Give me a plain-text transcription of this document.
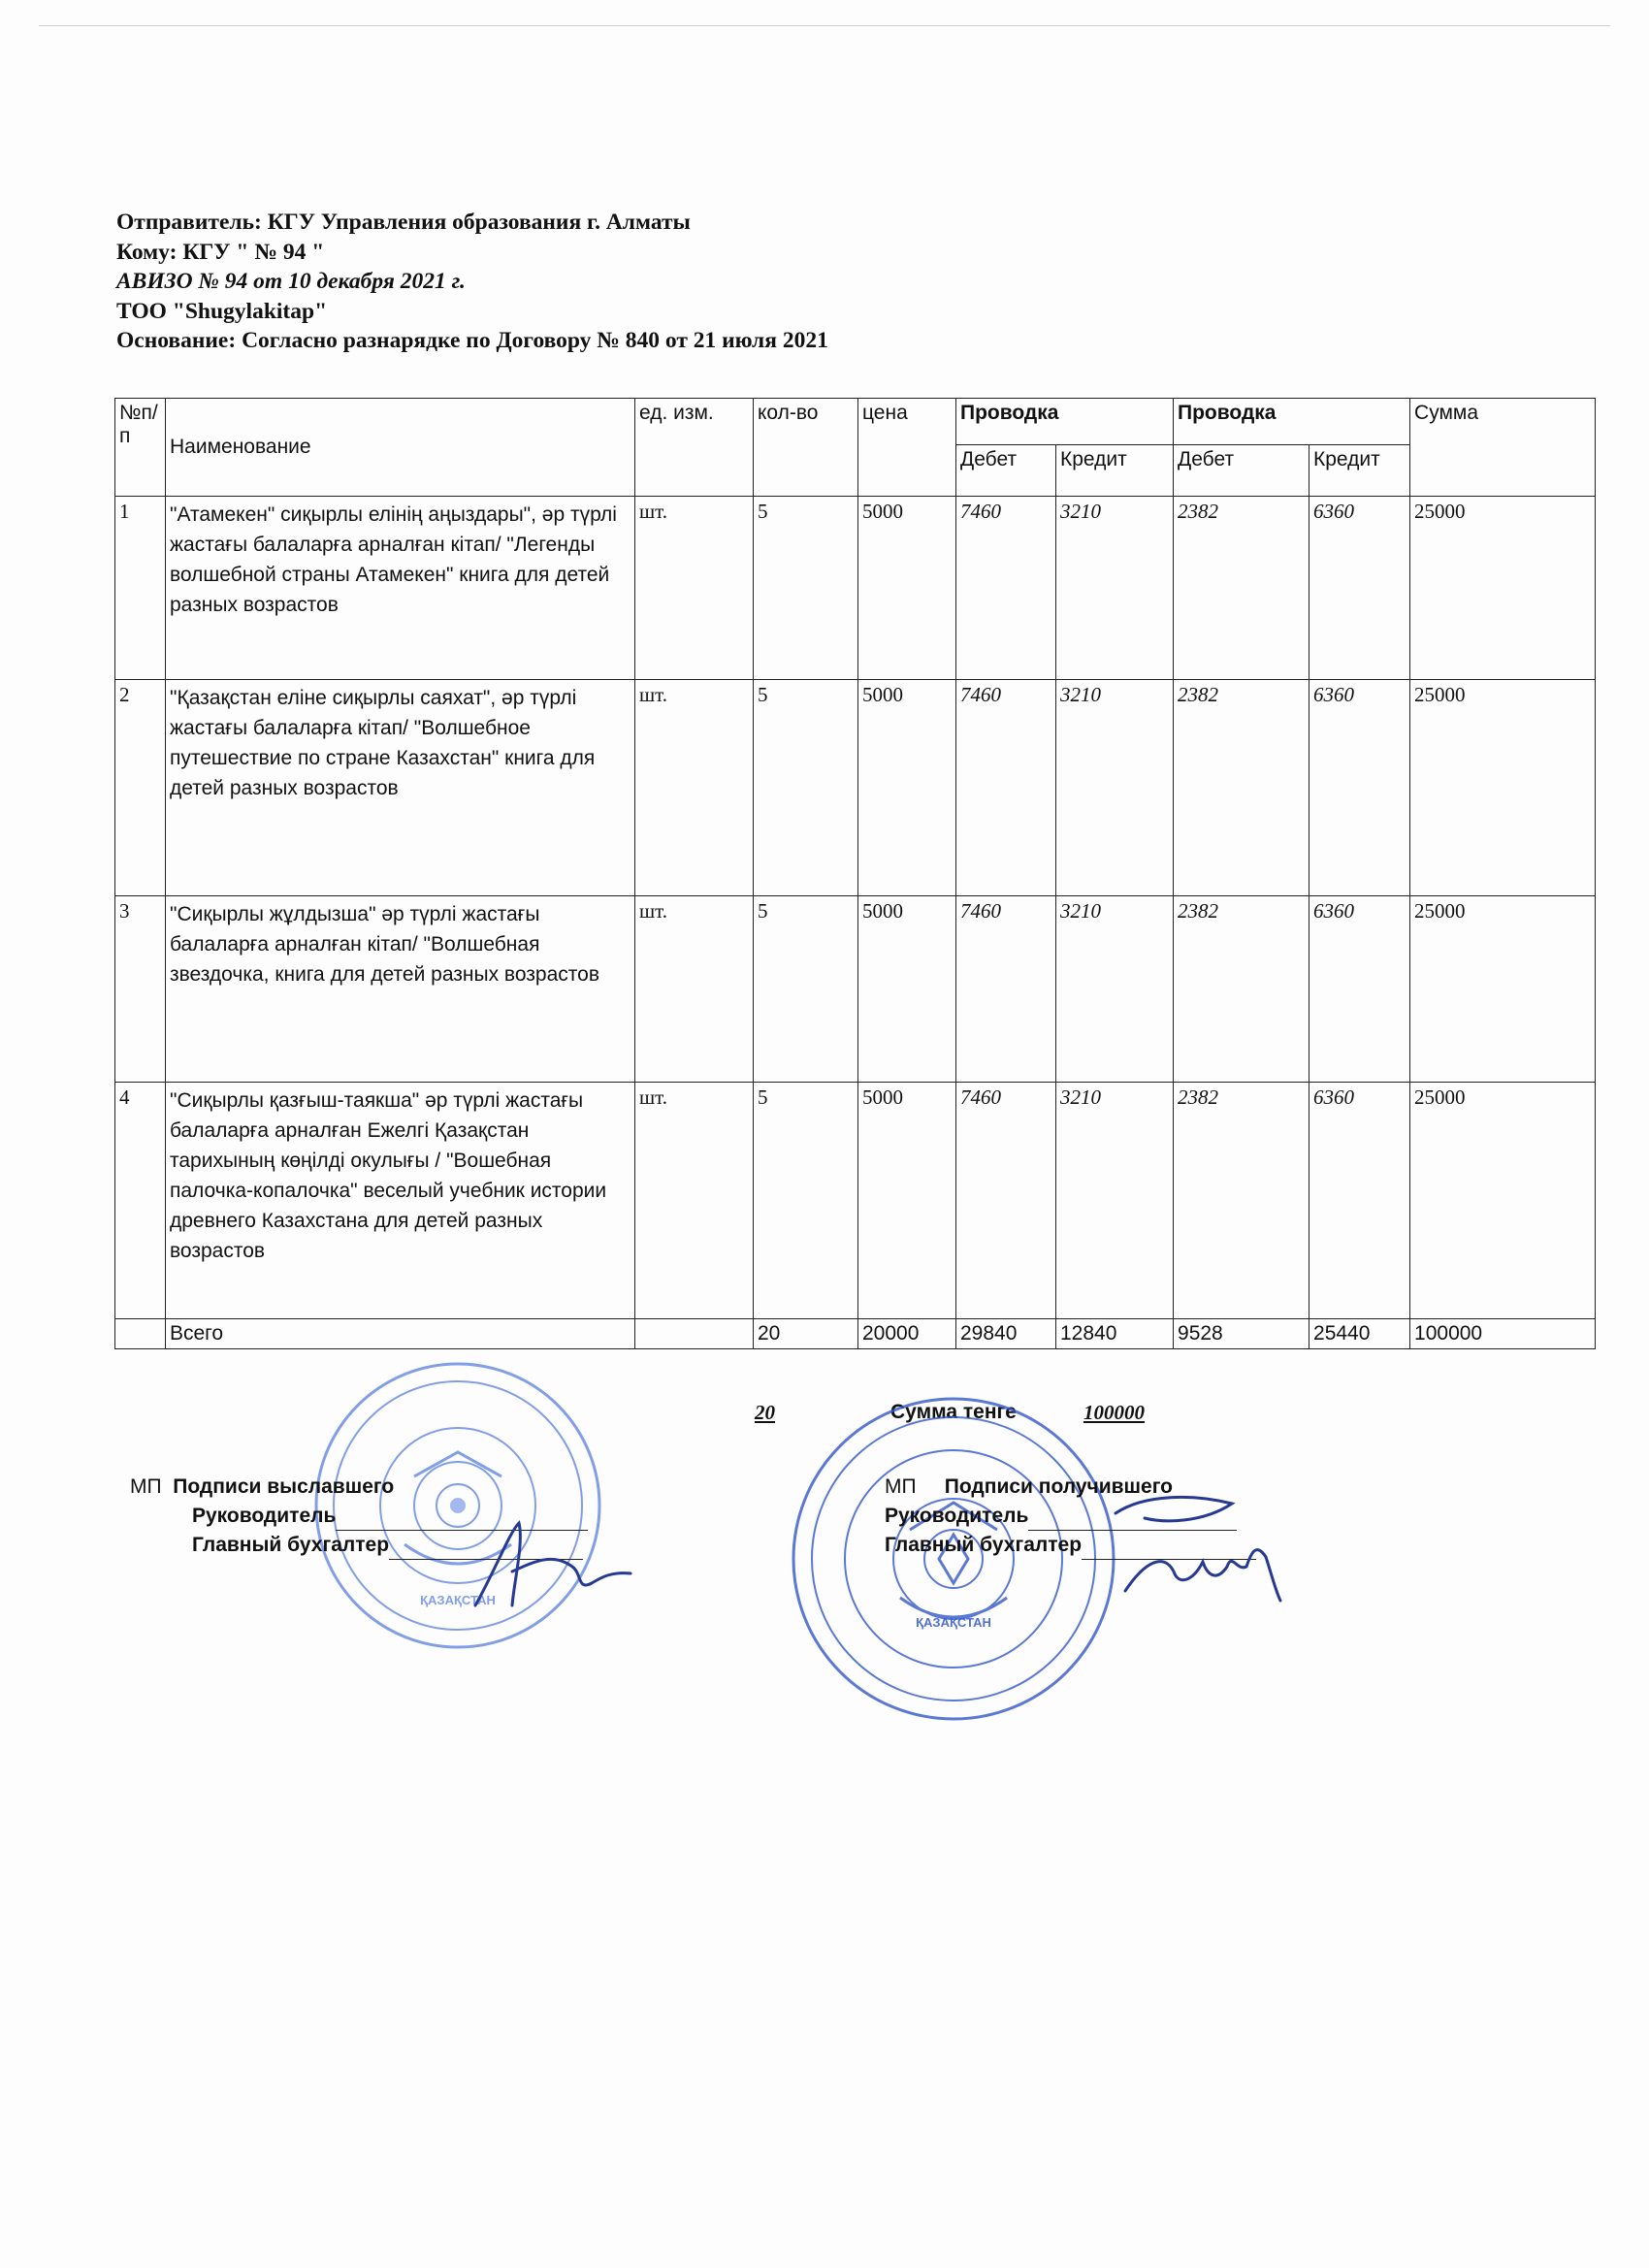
Отправитель: КГУ Управления образования г. Алматы
Кому: КГУ " № 94 "
АВИЗО № 94 от 10 декабря 2021 г.
ТОО "Shugylakitap"
Основание: Согласно разнарядке по Договору № 840 от 21 июля 2021
№п/п	Наименование	ед. изм.	кол-во	цена	Проводка		Проводка		Сумма
					Дебет	Кредит	Дебет	Кредит	
1	"Атамекен" сиқырлы елінің аңыздары", әр түрлі жастағы балаларға арналған кітап/ "Легенды волшебной страны Атамекен" книга для детей разных возрастов	шт.	5	5000	7460	3210	2382	6360	25000
2	"Қазақстан еліне сиқырлы саяхат", әр түрлі жастағы балаларға кітап/ "Волшебное путешествие по стране Казахстан" книга для детей разных возрастов	шт.	5	5000	7460	3210	2382	6360	25000
3	"Сиқырлы жұлдызша" әр түрлі жастағы балаларға арналған кітап/ "Волшебная звездочка, книга для детей разных возрастов	шт.	5	5000	7460	3210	2382	6360	25000
4	"Сиқырлы қазғыш-таякша" әр түрлі жастағы балаларға арналған Ежелгі Қазақстан тарихының көңілді окулығы / "Вошебная палочка-копалочка" веселый учебник истории древнего Казахстана для детей разных возрастов	шт.	5	5000	7460	3210	2382	6360	25000
	Всего		20	20000	29840	12840	9528	25440	100000
20	Сумма тенге	100000
ҚАЗАҚСТАН
ҚАЗАҚСТАН
МП Подписи выславшего
Руководитель
Главный бухгалтер
МП Подписи получившего
Руководитель
Главный бухгалтер
